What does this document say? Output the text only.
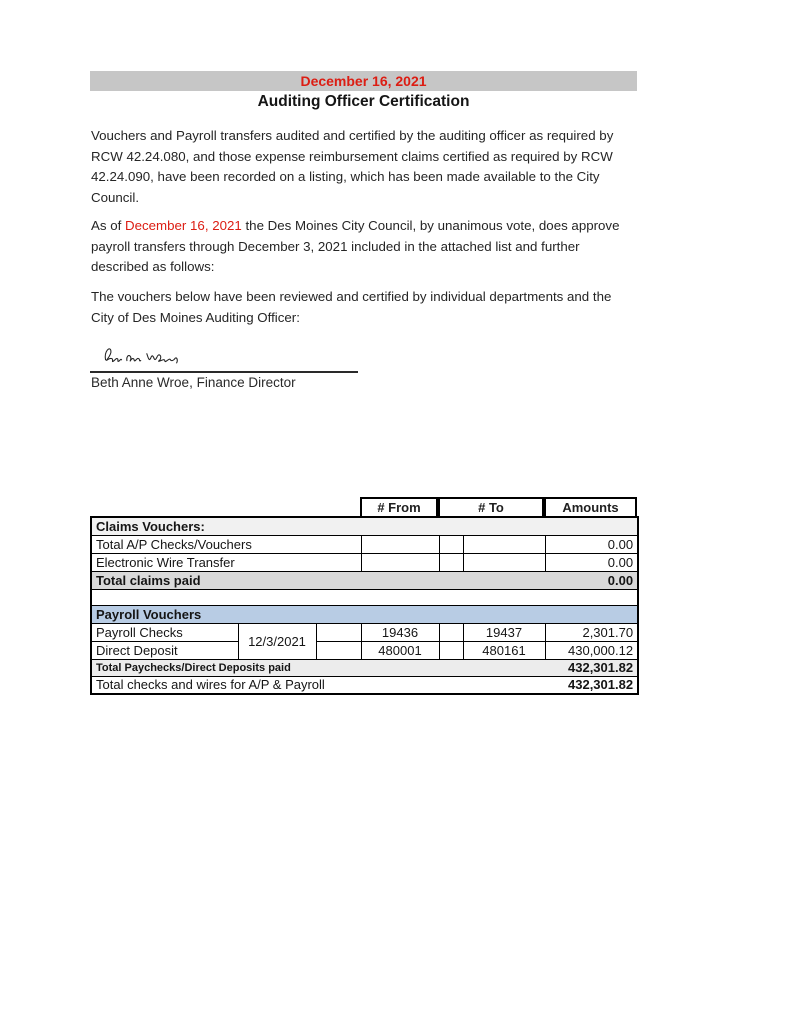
December 16, 2021
Auditing Officer Certification

Vouchers and Payroll transfers audited and certified by the auditing officer as required by RCW 42.24.080, and those expense reimbursement claims certified as required by RCW 42.24.090, have been recorded on a listing, which has been made available to the City Council.

As of December 16, 2021 the Des Moines City Council, by unanimous vote, does approve payroll transfers through December 3, 2021 included in the attached list and further described as follows:

The vouchers below have been reviewed and certified by individual departments and the City of Des Moines Auditing Officer:

Beth Anne Wroe, Finance Director
# From	# To	Amounts
Claims Vouchers:						
Total A/P Checks/Vouchers						0.00
Electronic Wire Transfer						0.00

Total claims paid 0.00						

Payroll Vouchers						
Payroll Checks	12/3/2021		19436		19437	2,301.70
Direct Deposit			480001		480161	430,000.12

Total Paychecks/Direct Deposits paid 432,301.82						

Total checks and wires for A/P & Payroll 432,301.82						
